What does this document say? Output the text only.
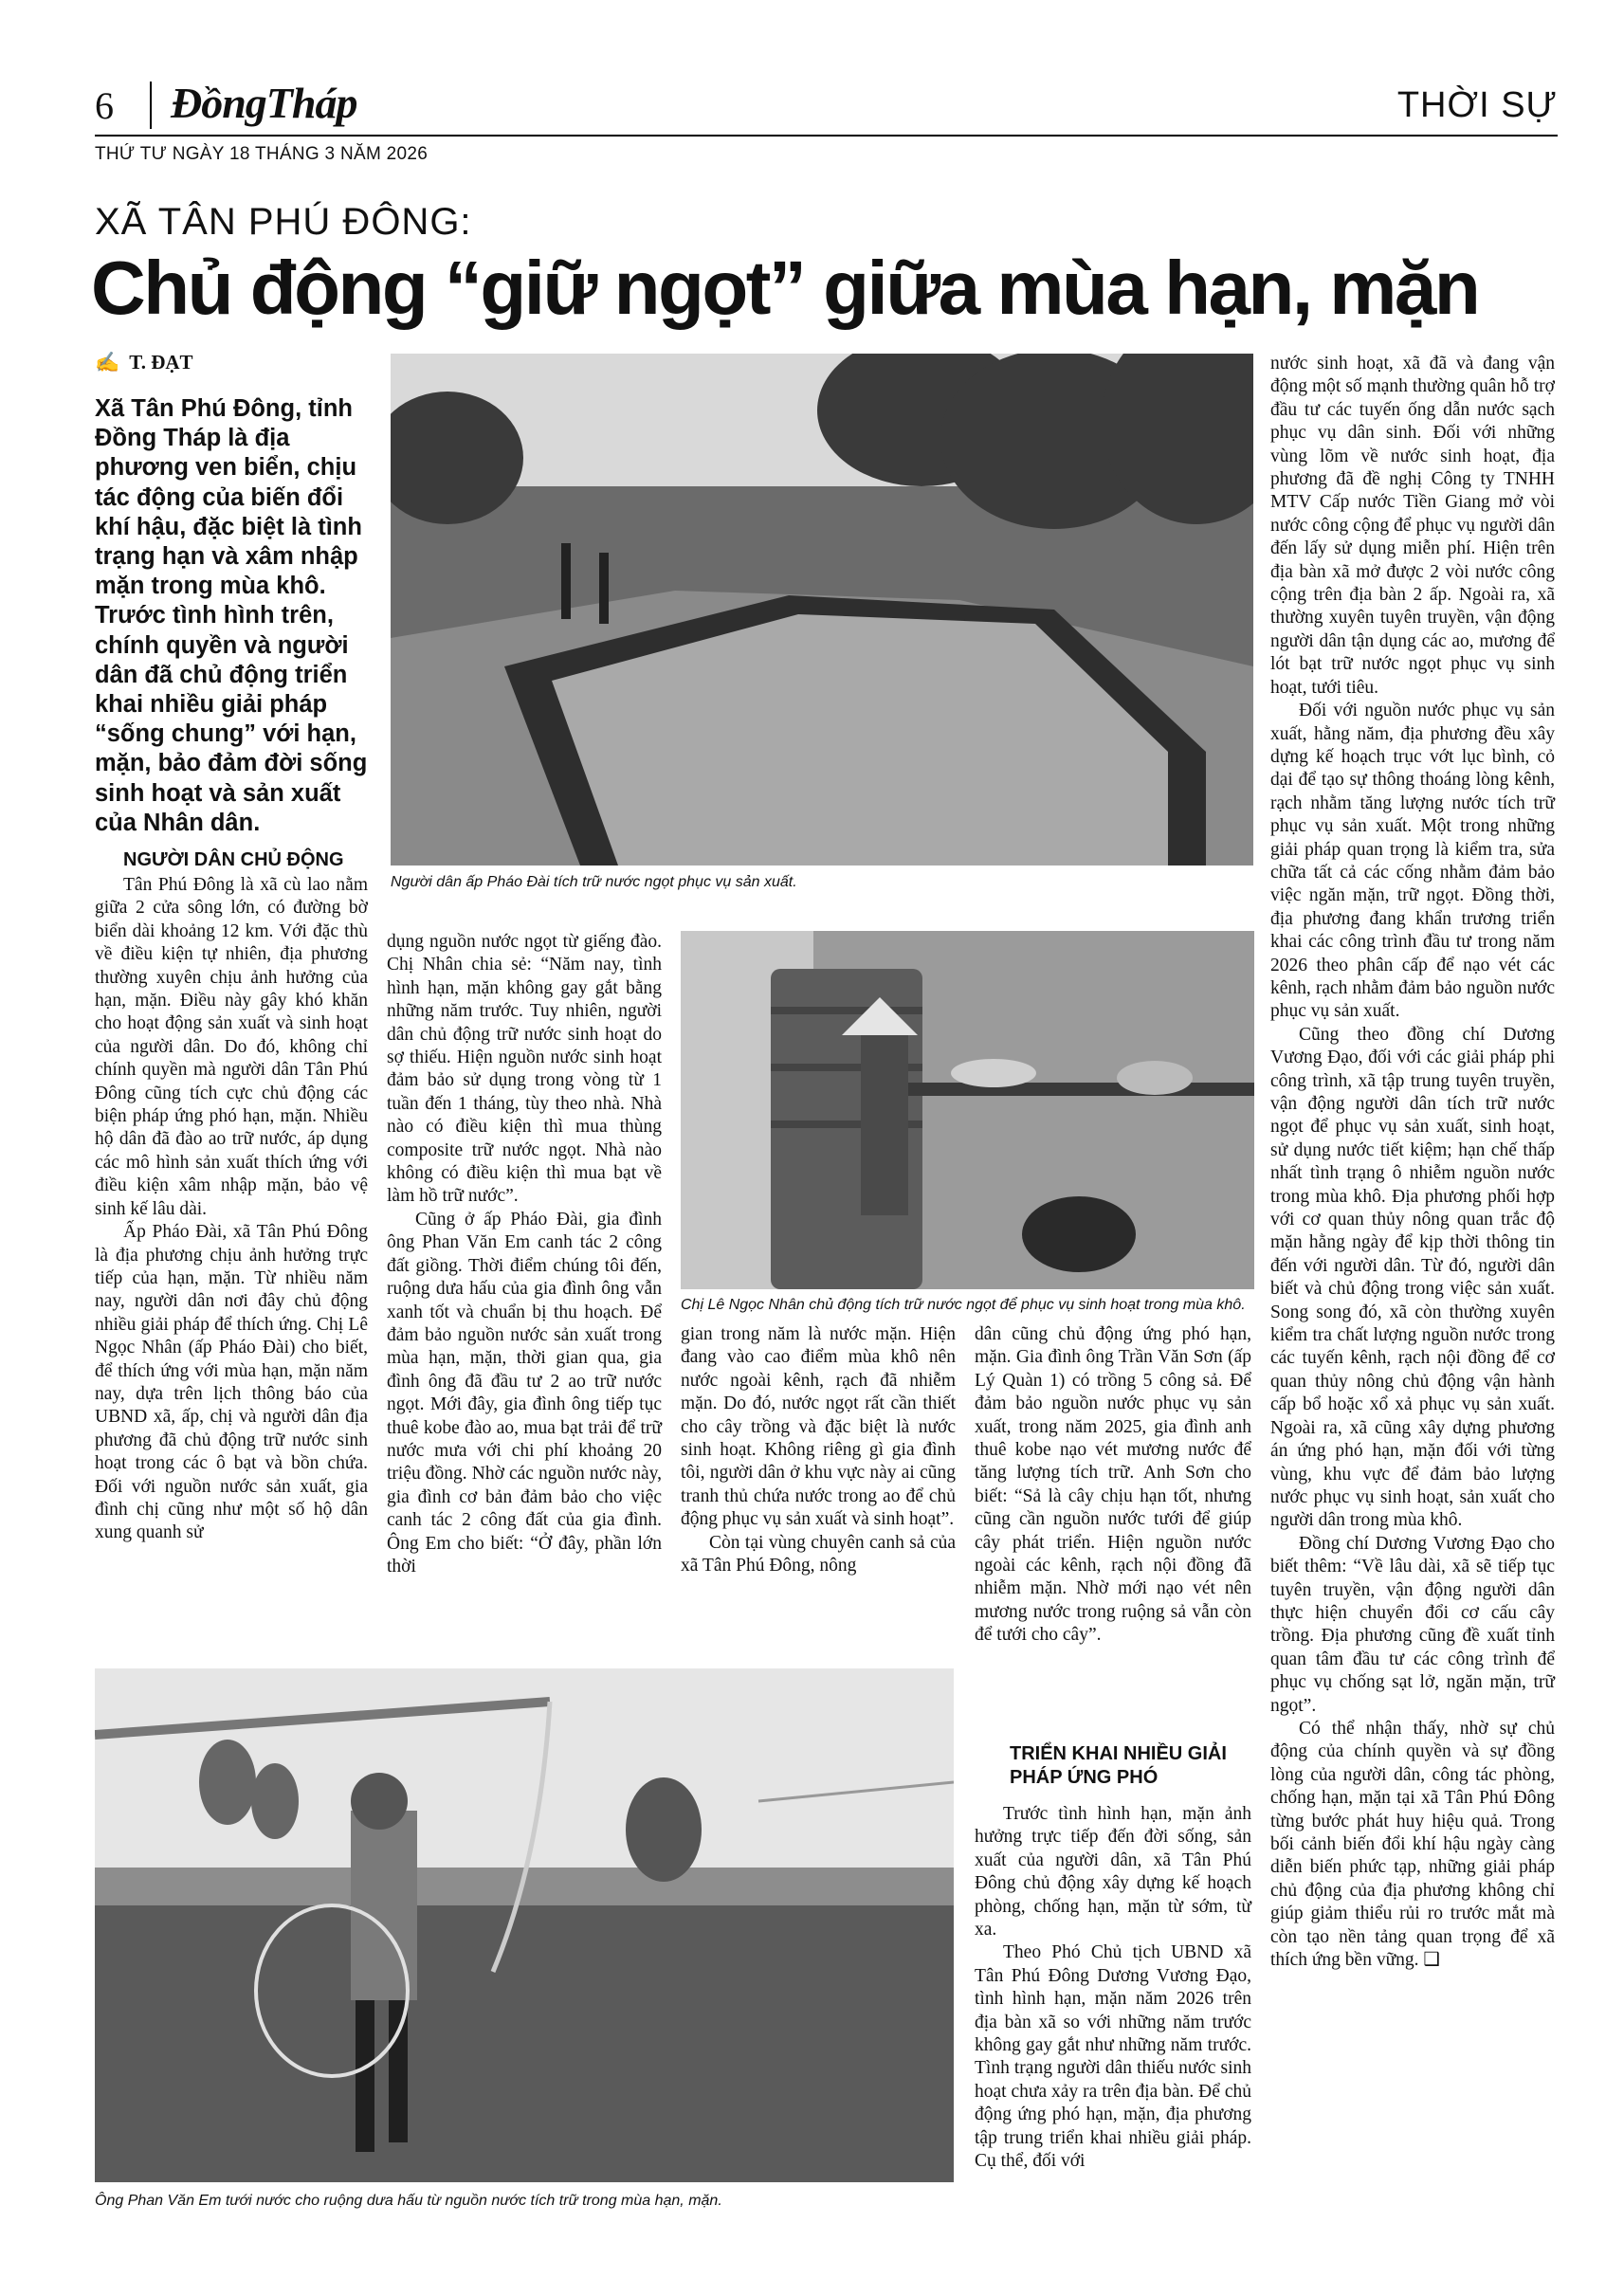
6 ĐồngTháp	THỜI SỰ
THỨ TƯ NGÀY 18 THÁNG 3 NĂM 2026
XÃ TÂN PHÚ ĐÔNG:
Chủ động “giữ ngọt” giữa mùa hạn, mặn
✍ T. ĐẠT
Xã Tân Phú Đông, tỉnh Đồng Tháp là địa phương ven biển, chịu tác động của biến đổi khí hậu, đặc biệt là tình trạng hạn và xâm nhập mặn trong mùa khô. Trước tình hình trên, chính quyền và người dân đã chủ động triển khai nhiều giải pháp “sống chung” với hạn, mặn, bảo đảm đời sống sinh hoạt và sản xuất của Nhân dân.
Người dân ấp Pháo Đài tích trữ nước ngọt phục vụ sản xuất.
NGƯỜI DÂN CHỦ ĐỘNG

Tân Phú Đông là xã cù lao nằm giữa 2 cửa sông lớn, có đường bờ biển dài khoảng 12 km. Với đặc thù về điều kiện tự nhiên, địa phương thường xuyên chịu ảnh hưởng của hạn, mặn. Điều này gây khó khăn cho hoạt động sản xuất và sinh hoạt của người dân. Do đó, không chỉ chính quyền mà người dân Tân Phú Đông cũng tích cực chủ động các biện pháp ứng phó hạn, mặn. Nhiều hộ dân đã đào ao trữ nước, áp dụng các mô hình sản xuất thích ứng với điều kiện xâm nhập mặn, bảo vệ sinh kế lâu dài.

Ấp Pháo Đài, xã Tân Phú Đông là địa phương chịu ảnh hưởng trực tiếp của hạn, mặn. Từ nhiều năm nay, người dân nơi đây chủ động nhiều giải pháp để thích ứng. Chị Lê Ngọc Nhân (ấp Pháo Đài) cho biết, để thích ứng với mùa hạn, mặn năm nay, dựa trên lịch thông báo của UBND xã, ấp, chị và người dân địa phương đã chủ động trữ nước sinh hoạt trong các ô bạt và bồn chứa. Đối với nguồn nước sản xuất, gia đình chị cũng như một số hộ dân xung quanh sử

dụng nguồn nước ngọt từ giếng đào. Chị Nhân chia sẻ: “Năm nay, tình hình hạn, mặn không gay gắt bằng những năm trước. Tuy nhiên, người dân chủ động trữ nước sinh hoạt do sợ thiếu. Hiện nguồn nước sinh hoạt đảm bảo sử dụng trong vòng từ 1 tuần đến 1 tháng, tùy theo nhà. Nhà nào có điều kiện thì mua thùng composite trữ nước ngọt. Nhà nào không có điều kiện thì mua bạt về làm hồ trữ nước”.

Cũng ở ấp Pháo Đài, gia đình ông Phan Văn Em canh tác 2 công đất giồng. Thời điểm chúng tôi đến, ruộng dưa hấu của gia đình ông vẫn xanh tốt và chuẩn bị thu hoạch. Để đảm bảo nguồn nước sản xuất trong mùa hạn, mặn, thời gian qua, gia đình ông đã đầu tư 2 ao trữ nước ngọt. Mới đây, gia đình ông tiếp tục thuê kobe đào ao, mua bạt trải để trữ nước mưa với chi phí khoảng 20 triệu đồng. Nhờ các nguồn nước này, gia đình cơ bản đảm bảo cho việc canh tác 2 công đất của gia đình. Ông Em cho biết: “Ở đây, phần lớn thời

Chị Lê Ngọc Nhân chủ động tích trữ nước ngọt để phục vụ sinh hoạt trong mùa khô.

gian trong năm là nước mặn. Hiện đang vào cao điểm mùa khô nên nước ngoài kênh, rạch đã nhiễm mặn. Do đó, nước ngọt rất cần thiết cho cây trồng và đặc biệt là nước sinh hoạt. Không riêng gì gia đình tôi, người dân ở khu vực này ai cũng tranh thủ chứa nước trong ao để chủ động phục vụ sản xuất và sinh hoạt”.

Còn tại vùng chuyên canh sả của xã Tân Phú Đông, nông

dân cũng chủ động ứng phó hạn, mặn. Gia đình ông Trần Văn Sơn (ấp Lý Quàn 1) có trồng 5 công sả. Để đảm bảo nguồn nước phục vụ sản xuất, trong năm 2025, gia đình anh thuê kobe nạo vét mương nước để tăng lượng tích trữ. Anh Sơn cho biết: “Sả là cây chịu hạn tốt, nhưng cũng cần nguồn nước tưới để giúp cây phát triển. Hiện nguồn nước ngoài các kênh, rạch nội đồng đã nhiễm mặn. Nhờ mới nạo vét nên mương nước trong ruộng sả vẫn còn để tưới cho cây”.

Ông Phan Văn Em tưới nước cho ruộng dưa hấu từ nguồn nước tích trữ trong mùa hạn, mặn.
TRIỂN KHAI NHIỀU GIẢI PHÁP ỨNG PHÓ

Trước tình hình hạn, mặn ảnh hưởng trực tiếp đến đời sống, sản xuất của người dân, xã Tân Phú Đông chủ động xây dựng kế hoạch phòng, chống hạn, mặn từ sớm, từ xa.

Theo Phó Chủ tịch UBND xã Tân Phú Đông Dương Vương Đạo, tình hình hạn, mặn năm 2026 trên địa bàn xã so với những năm trước không gay gắt như những năm trước. Tình trạng người dân thiếu nước sinh hoạt chưa xảy ra trên địa bàn. Để chủ động ứng phó hạn, mặn, địa phương tập trung triển khai nhiều giải pháp. Cụ thể, đối với

nước sinh hoạt, xã đã và đang vận động một số mạnh thường quân hỗ trợ đầu tư các tuyến ống dẫn nước sạch phục vụ dân sinh. Đối với những vùng lõm về nước sinh hoạt, địa phương đã đề nghị Công ty TNHH MTV Cấp nước Tiền Giang mở vòi nước công cộng để phục vụ người dân đến lấy sử dụng miễn phí. Hiện trên địa bàn xã mở được 2 vòi nước công cộng trên địa bàn 2 ấp. Ngoài ra, xã thường xuyên tuyên truyền, vận động người dân tận dụng các ao, mương để lót bạt trữ nước ngọt phục vụ sinh hoạt, tưới tiêu.

Đối với nguồn nước phục vụ sản xuất, hằng năm, địa phương đều xây dựng kế hoạch trục vớt lục bình, cỏ dại để tạo sự thông thoáng lòng kênh, rạch nhằm tăng lượng nước tích trữ phục vụ sản xuất. Một trong những giải pháp quan trọng là kiểm tra, sửa chữa tất cả các cống nhằm đảm bảo việc ngăn mặn, trữ ngọt. Đồng thời, địa phương đang khẩn trương triển khai các công trình đầu tư trong năm 2026 theo phân cấp để nạo vét các kênh, rạch nhằm đảm bảo nguồn nước phục vụ sản xuất.

Cũng theo đồng chí Dương Vương Đạo, đối với các giải pháp phi công trình, xã tập trung tuyên truyền, vận động người dân tích trữ nước ngọt để phục vụ sản xuất, sinh hoạt, sử dụng nước tiết kiệm; hạn chế thấp nhất tình trạng ô nhiễm nguồn nước trong mùa khô. Địa phương phối hợp với cơ quan thủy nông quan trắc độ mặn hằng ngày để kịp thời thông tin đến với người dân. Từ đó, người dân biết và chủ động trong việc sản xuất. Song song đó, xã còn thường xuyên kiểm tra chất lượng nguồn nước trong các tuyến kênh, rạch nội đồng để cơ quan thủy nông chủ động vận hành cấp bổ hoặc xổ xả phục vụ sản xuất. Ngoài ra, xã cũng xây dựng phương án ứng phó hạn, mặn đối với từng vùng, khu vực để đảm bảo lượng nước phục vụ sinh hoạt, sản xuất cho người dân trong mùa khô.

Đồng chí Dương Vương Đạo cho biết thêm: “Về lâu dài, xã sẽ tiếp tục tuyên truyền, vận động người dân thực hiện chuyển đổi cơ cấu cây trồng. Địa phương cũng đề xuất tỉnh quan tâm đầu tư các công trình để phục vụ chống sạt lở, ngăn mặn, trữ ngọt”.

Có thể nhận thấy, nhờ sự chủ động của chính quyền và sự đồng lòng của người dân, công tác phòng, chống hạn, mặn tại xã Tân Phú Đông từng bước phát huy hiệu quả. Trong bối cảnh biến đổi khí hậu ngày càng diễn biến phức tạp, những giải pháp chủ động của địa phương không chỉ giúp giảm thiểu rủi ro trước mắt mà còn tạo nền tảng quan trọng để xã thích ứng bền vững. ❑
